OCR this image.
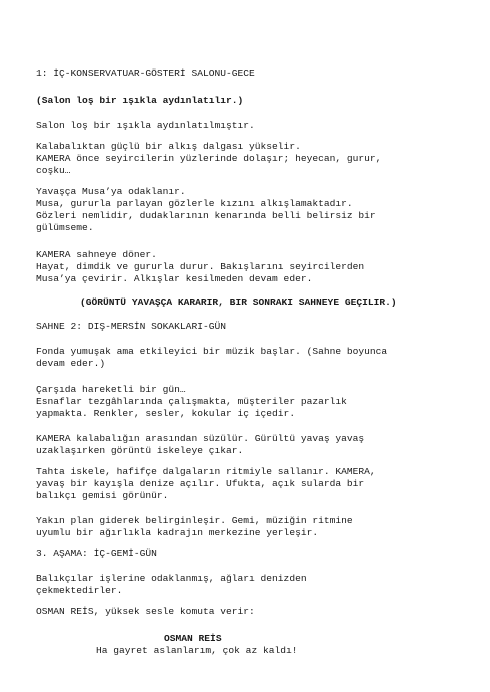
1: İÇ-KONSERVATUAR-GÖSTERİ SALONU-GECE
(Salon loş bir ışıkla aydınlatılır.)
Salon loş bir ışıkla aydınlatılmıştır.
Kalabalıktan güçlü bir alkış dalgası yükselir.
KAMERA önce seyircilerin yüzlerinde dolaşır; heyecan, gurur,
coşku…
Yavaşça Musa’ya odaklanır.
Musa, gururla parlayan gözlerle kızını alkışlamaktadır.
Gözleri nemlidir, dudaklarının kenarında belli belirsiz bir
gülümseme.
KAMERA sahneye döner.
Hayat, dimdik ve gururla durur. Bakışlarını seyircilerden
Musa’ya çevirir. Alkışlar kesilmeden devam eder.
(GÖRÜNTÜ YAVAŞÇA KARARIR, BIR SONRAKI SAHNEYE GEÇILIR.)
SAHNE 2: DIŞ-MERSİN SOKAKLARI-GÜN
Fonda yumuşak ama etkileyici bir müzik başlar. (Sahne boyunca
devam eder.)
Çarşıda hareketli bir gün…
Esnaflar tezgâhlarında çalışmakta, müşteriler pazarlık
yapmakta. Renkler, sesler, kokular iç içedir.
KAMERA kalabalığın arasından süzülür. Gürültü yavaş yavaş
uzaklaşırken görüntü iskeleye çıkar.
Tahta iskele, hafifçe dalgaların ritmiyle sallanır. KAMERA,
yavaş bir kayışla denize açılır. Ufukta, açık sularda bir
balıkçı gemisi görünür.
Yakın plan giderek belirginleşir. Gemi, müziğin ritmine
uyumlu bir ağırlıkla kadrajın merkezine yerleşir.
3. AŞAMA: İÇ-GEMİ-GÜN
Balıkçılar işlerine odaklanmış, ağları denizden
çekmektedirler.
OSMAN REİS, yüksek sesle komuta verir:
OSMAN REİS
Ha gayret aslanlarım, çok az kaldı!
